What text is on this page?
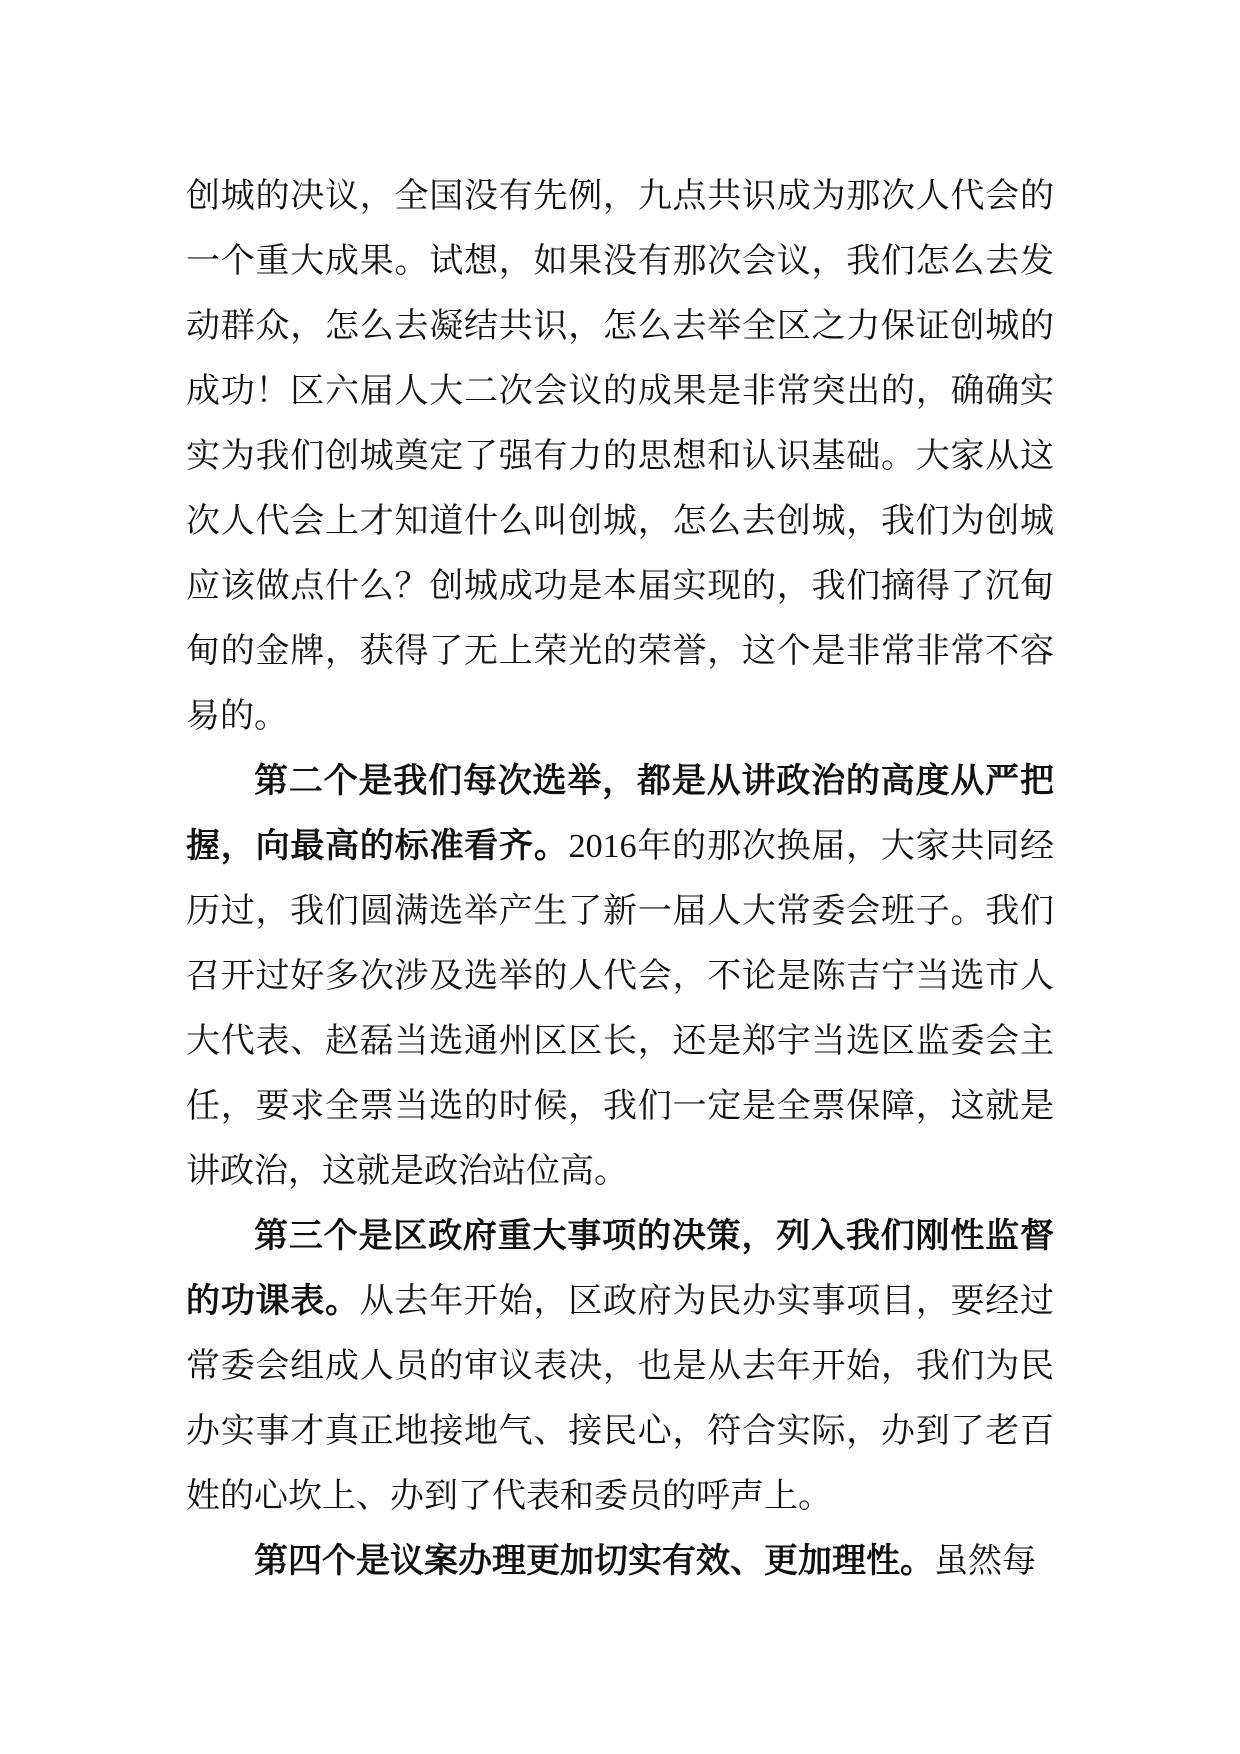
创城的决议，全国没有先例，九点共识成为那次人代会的一个重大成果。试想，如果没有那次会议，我们怎么去发动群众，怎么去凝结共识，怎么去举全区之力保证创城的成功！区六届人大二次会议的成果是非常突出的，确确实实为我们创城奠定了强有力的思想和认识基础。大家从这次人代会上才知道什么叫创城，怎么去创城，我们为创城应该做点什么？创城成功是本届实现的，我们摘得了沉甸甸的金牌，获得了无上荣光的荣誉，这个是非常非常不容易的。

第二个是我们每次选举，都是从讲政治的高度从严把握，向最高的标准看齐。2016年的那次换届，大家共同经历过，我们圆满选举产生了新一届人大常委会班子。我们召开过好多次涉及选举的人代会，不论是陈吉宁当选市人大代表、赵磊当选通州区区长，还是郑宇当选区监委会主任，要求全票当选的时候，我们一定是全票保障，这就是讲政治，这就是政治站位高。

第三个是区政府重大事项的决策，列入我们刚性监督的功课表。从去年开始，区政府为民办实事项目，要经过常委会组成人员的审议表决，也是从去年开始，我们为民办实事才真正地接地气、接民心，符合实际，办到了老百姓的心坎上、办到了代表和委员的呼声上。

第四个是议案办理更加切实有效、更加理性。虽然每
